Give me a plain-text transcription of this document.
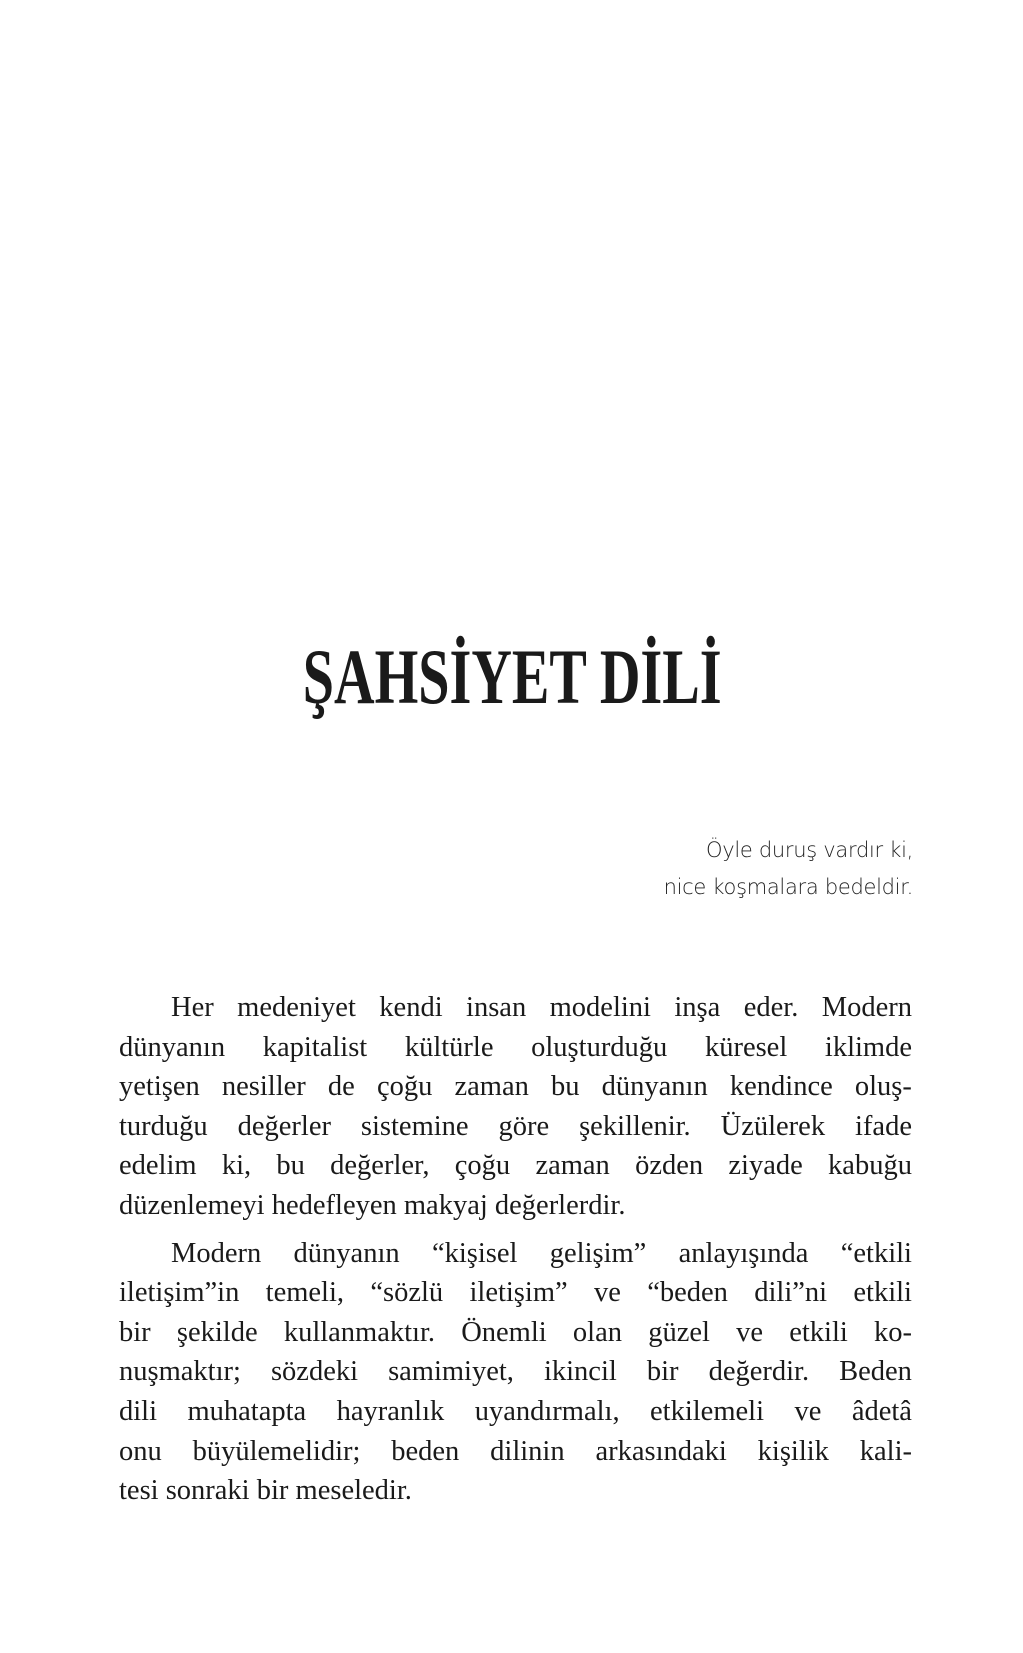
ŞAHSİYET DİLİ
Öyle duruş vardır ki,
nice koşmalara bedeldir.
Her medeniyet kendi insan modelini inşa eder. Modern
dünyanın kapitalist kültürle oluşturduğu küresel iklimde
yetişen nesiller de çoğu zaman bu dünyanın kendince oluş-
turduğu değerler sistemine göre şekillenir. Üzülerek ifade
edelim ki, bu değerler, çoğu zaman özden ziyade kabuğu
düzenlemeyi hedefleyen makyaj değerlerdir.
Modern dünyanın “kişisel gelişim” anlayışında “etkili
iletişim”in temeli, “sözlü iletişim” ve “beden dili”ni etkili
bir şekilde kullanmaktır. Önemli olan güzel ve etkili ko-
nuşmaktır; sözdeki samimiyet, ikincil bir değerdir. Beden
dili muhatapta hayranlık uyandırmalı, etkilemeli ve âdetâ
onu büyülemelidir; beden dilinin arkasındaki kişilik kali-
tesi sonraki bir meseledir.
